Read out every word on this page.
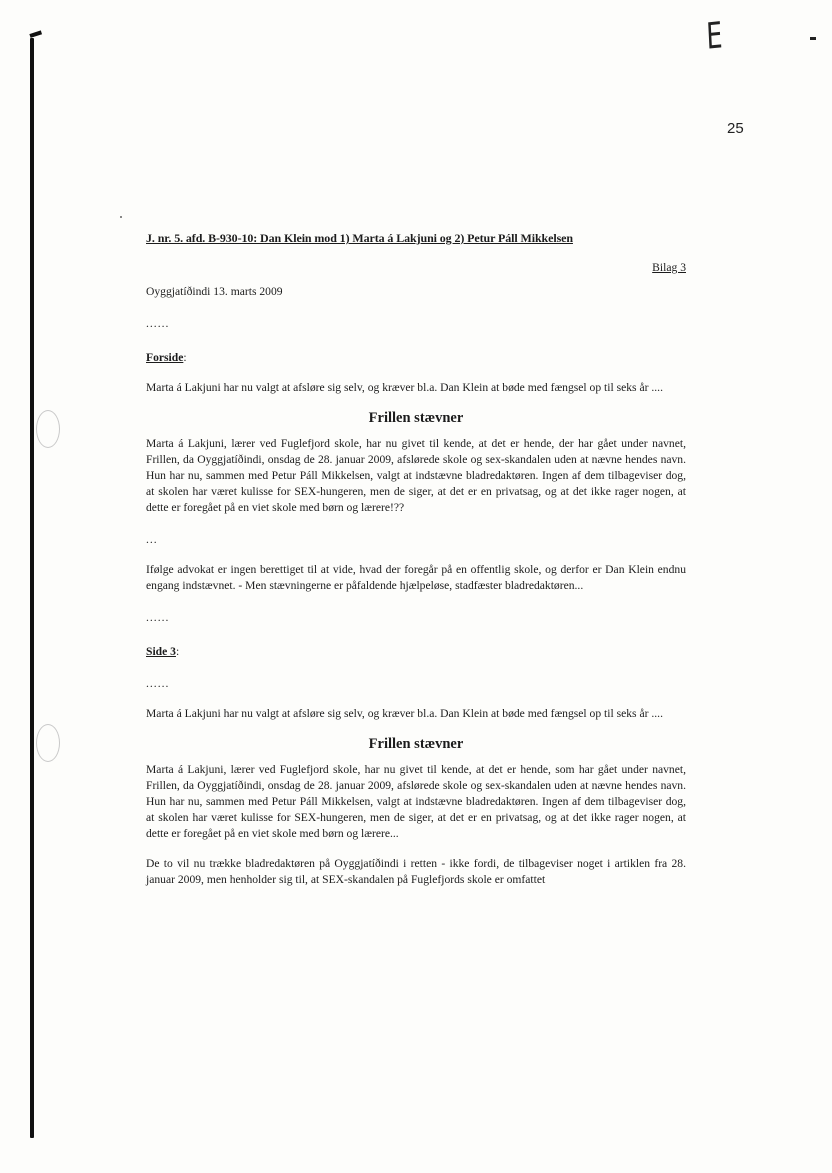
E
25

J. nr. 5. afd. B-930-10: Dan Klein mod 1) Marta á Lakjuni og 2) Petur Páll Mikkelsen

Bilag 3

Oyggjatíðindi 13. marts 2009

......

Forside:

Marta á Lakjuni har nu valgt at afsløre sig selv, og kræver bl.a. Dan Klein at bøde med fængsel op til seks år ....

Frillen stævner

Marta á Lakjuni, lærer ved Fuglefjord skole, har nu givet til kende, at det er hende, der har gået under navnet, Frillen, da Oyggjatíðindi, onsdag de 28. januar 2009, afslørede skole og sex-skandalen uden at nævne hendes navn. Hun har nu, sammen med Petur Páll Mikkelsen, valgt at indstævne bladredaktøren. Ingen af dem tilbageviser dog, at skolen har været kulisse for SEX-hungeren, men de siger, at det er en privatsag, og at det ikke rager nogen, at dette er foregået på en viet skole med børn og lærere!??

...

Ifølge advokat er ingen berettiget til at vide, hvad der foregår på en offentlig skole, og derfor er Dan Klein endnu engang indstævnet. - Men stævningerne er påfaldende hjælpeløse, stadfæster bladredaktøren...

......

Side 3:

......

Marta á Lakjuni har nu valgt at afsløre sig selv, og kræver bl.a. Dan Klein at bøde med fængsel op til seks år ....

Frillen stævner

Marta á Lakjuni, lærer ved Fuglefjord skole, har nu givet til kende, at det er hende, som har gået under navnet, Frillen, da Oyggjatíðindi, onsdag de 28. januar 2009, afslørede skole og sex-skandalen uden at nævne hendes navn. Hun har nu, sammen med Petur Páll Mikkelsen, valgt at indstævne bladredaktøren. Ingen af dem tilbageviser dog, at skolen har været kulisse for SEX-hungeren, men de siger, at det er en privatsag, og at det ikke rager nogen, at dette er foregået på en viet skole med børn og lærere...

De to vil nu trække bladredaktøren på Oyggjatíðindi i retten - ikke fordi, de tilbageviser noget i artiklen fra 28. januar 2009, men henholder sig til, at SEX-skandalen på Fuglefjords skole er omfattet
